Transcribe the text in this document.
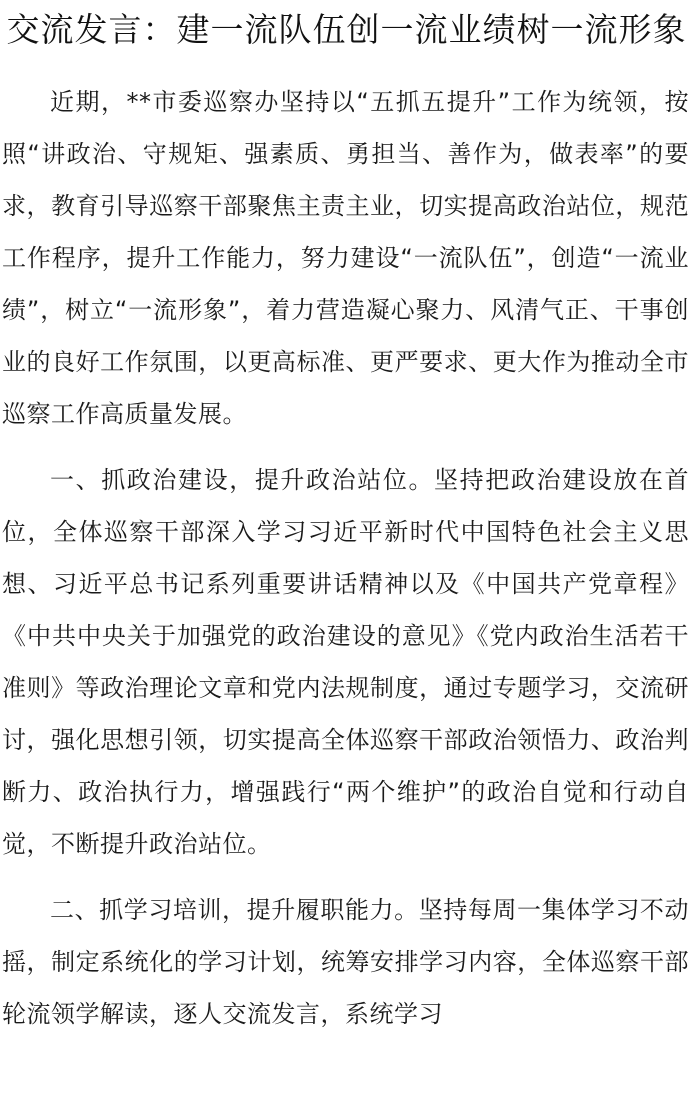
交流发言：建一流队伍创一流业绩树一流形象

近期，**市委巡察办坚持以“五抓五提升”工作为统领，按照“讲政治、守规矩、强素质、勇担当、善作为，做表率”的要求，教育引导巡察干部聚焦主责主业，切实提高政治站位，规范工作程序，提升工作能力，努力建设“一流队伍”，创造“一流业绩”，树立“一流形象”，着力营造凝心聚力、风清气正、干事创业的良好工作氛围，以更高标准、更严要求、更大作为推动全市巡察工作高质量发展。

一、抓政治建设，提升政治站位。坚持把政治建设放在首位，全体巡察干部深入学习习近平新时代中国特色社会主义思想、习近平总书记系列重要讲话精神以及《中国共产党章程》《中共中央关于加强党的政治建设的意见》《党内政治生活若干准则》等政治理论文章和党内法规制度，通过专题学习，交流研讨，强化思想引领，切实提高全体巡察干部政治领悟力、政治判断力、政治执行力，增强践行“两个维护”的政治自觉和行动自觉，不断提升政治站位。

二、抓学习培训，提升履职能力。坚持每周一集体学习不动摇，制定系统化的学习计划，统筹安排学习内容，全体巡察干部轮流领学解读，逐人交流发言，系统学习
